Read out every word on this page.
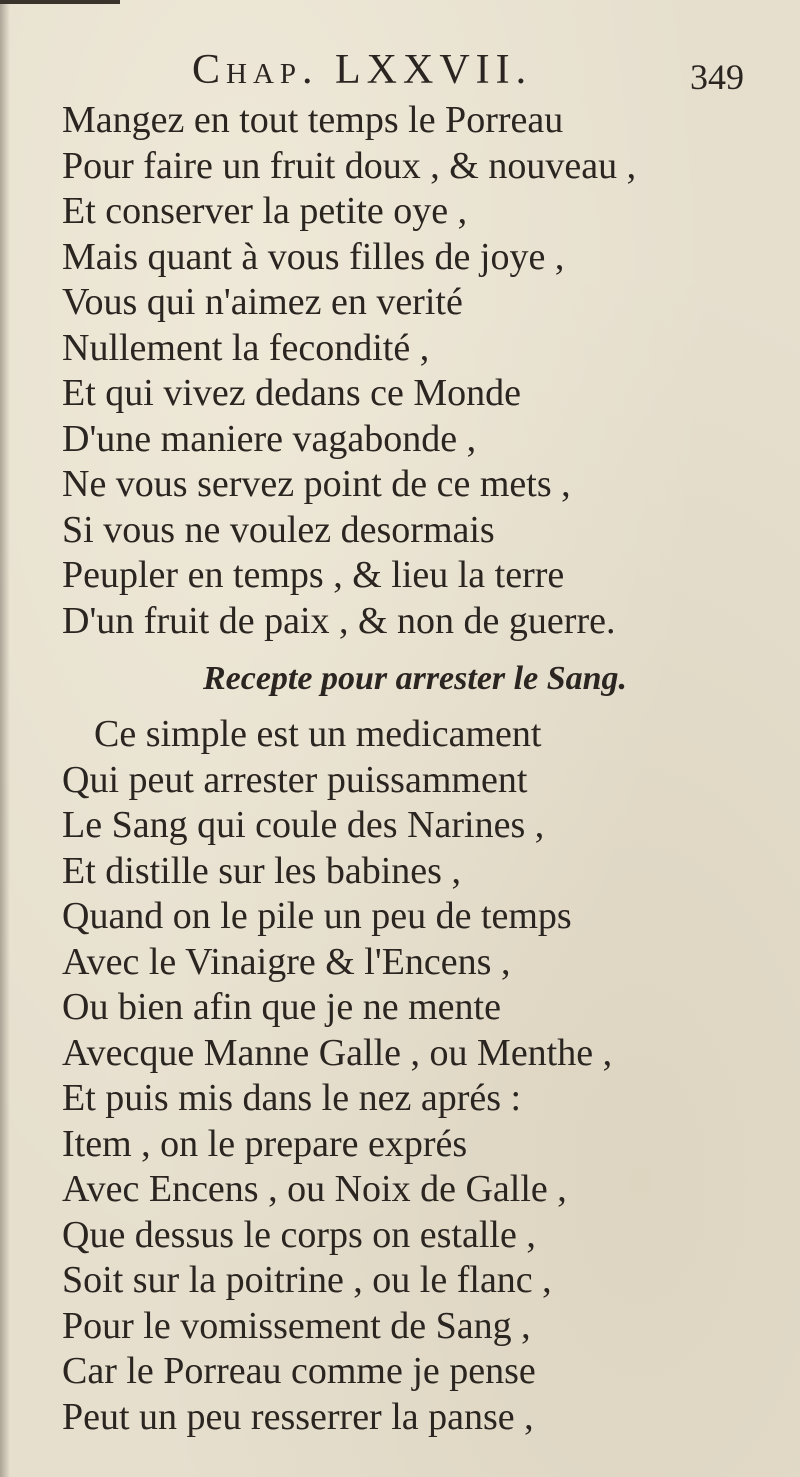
Chap. LXXVII.	349
Mangez en tout temps le Porreau
Pour faire un fruit doux , & nouveau ,
Et conserver la petite oye ,
Mais quant à vous filles de joye ,
Vous qui n'aimez en verité
Nullement la fecondité ,
Et qui vivez dedans ce Monde
D'une maniere vagabonde ,
Ne vous servez point de ce mets ,
Si vous ne voulez desormais
Peupler en temps , & lieu la terre
D'un fruit de paix , & non de guerre.
Recepte pour arrester le Sang.
Ce simple est un medicament
Qui peut arrester puissamment
Le Sang qui coule des Narines ,
Et distille sur les babines ,
Quand on le pile un peu de temps
Avec le Vinaigre & l'Encens ,
Ou bien afin que je ne mente
Avecque Manne Galle , ou Menthe ,
Et puis mis dans le nez aprés :
Item , on le prepare exprés
Avec Encens , ou Noix de Galle ,
Que dessus le corps on estalle ,
Soit sur la poitrine , ou le flanc ,
Pour le vomissement de Sang ,
Car le Porreau comme je pense
Peut un peu resserrer la panse ,
